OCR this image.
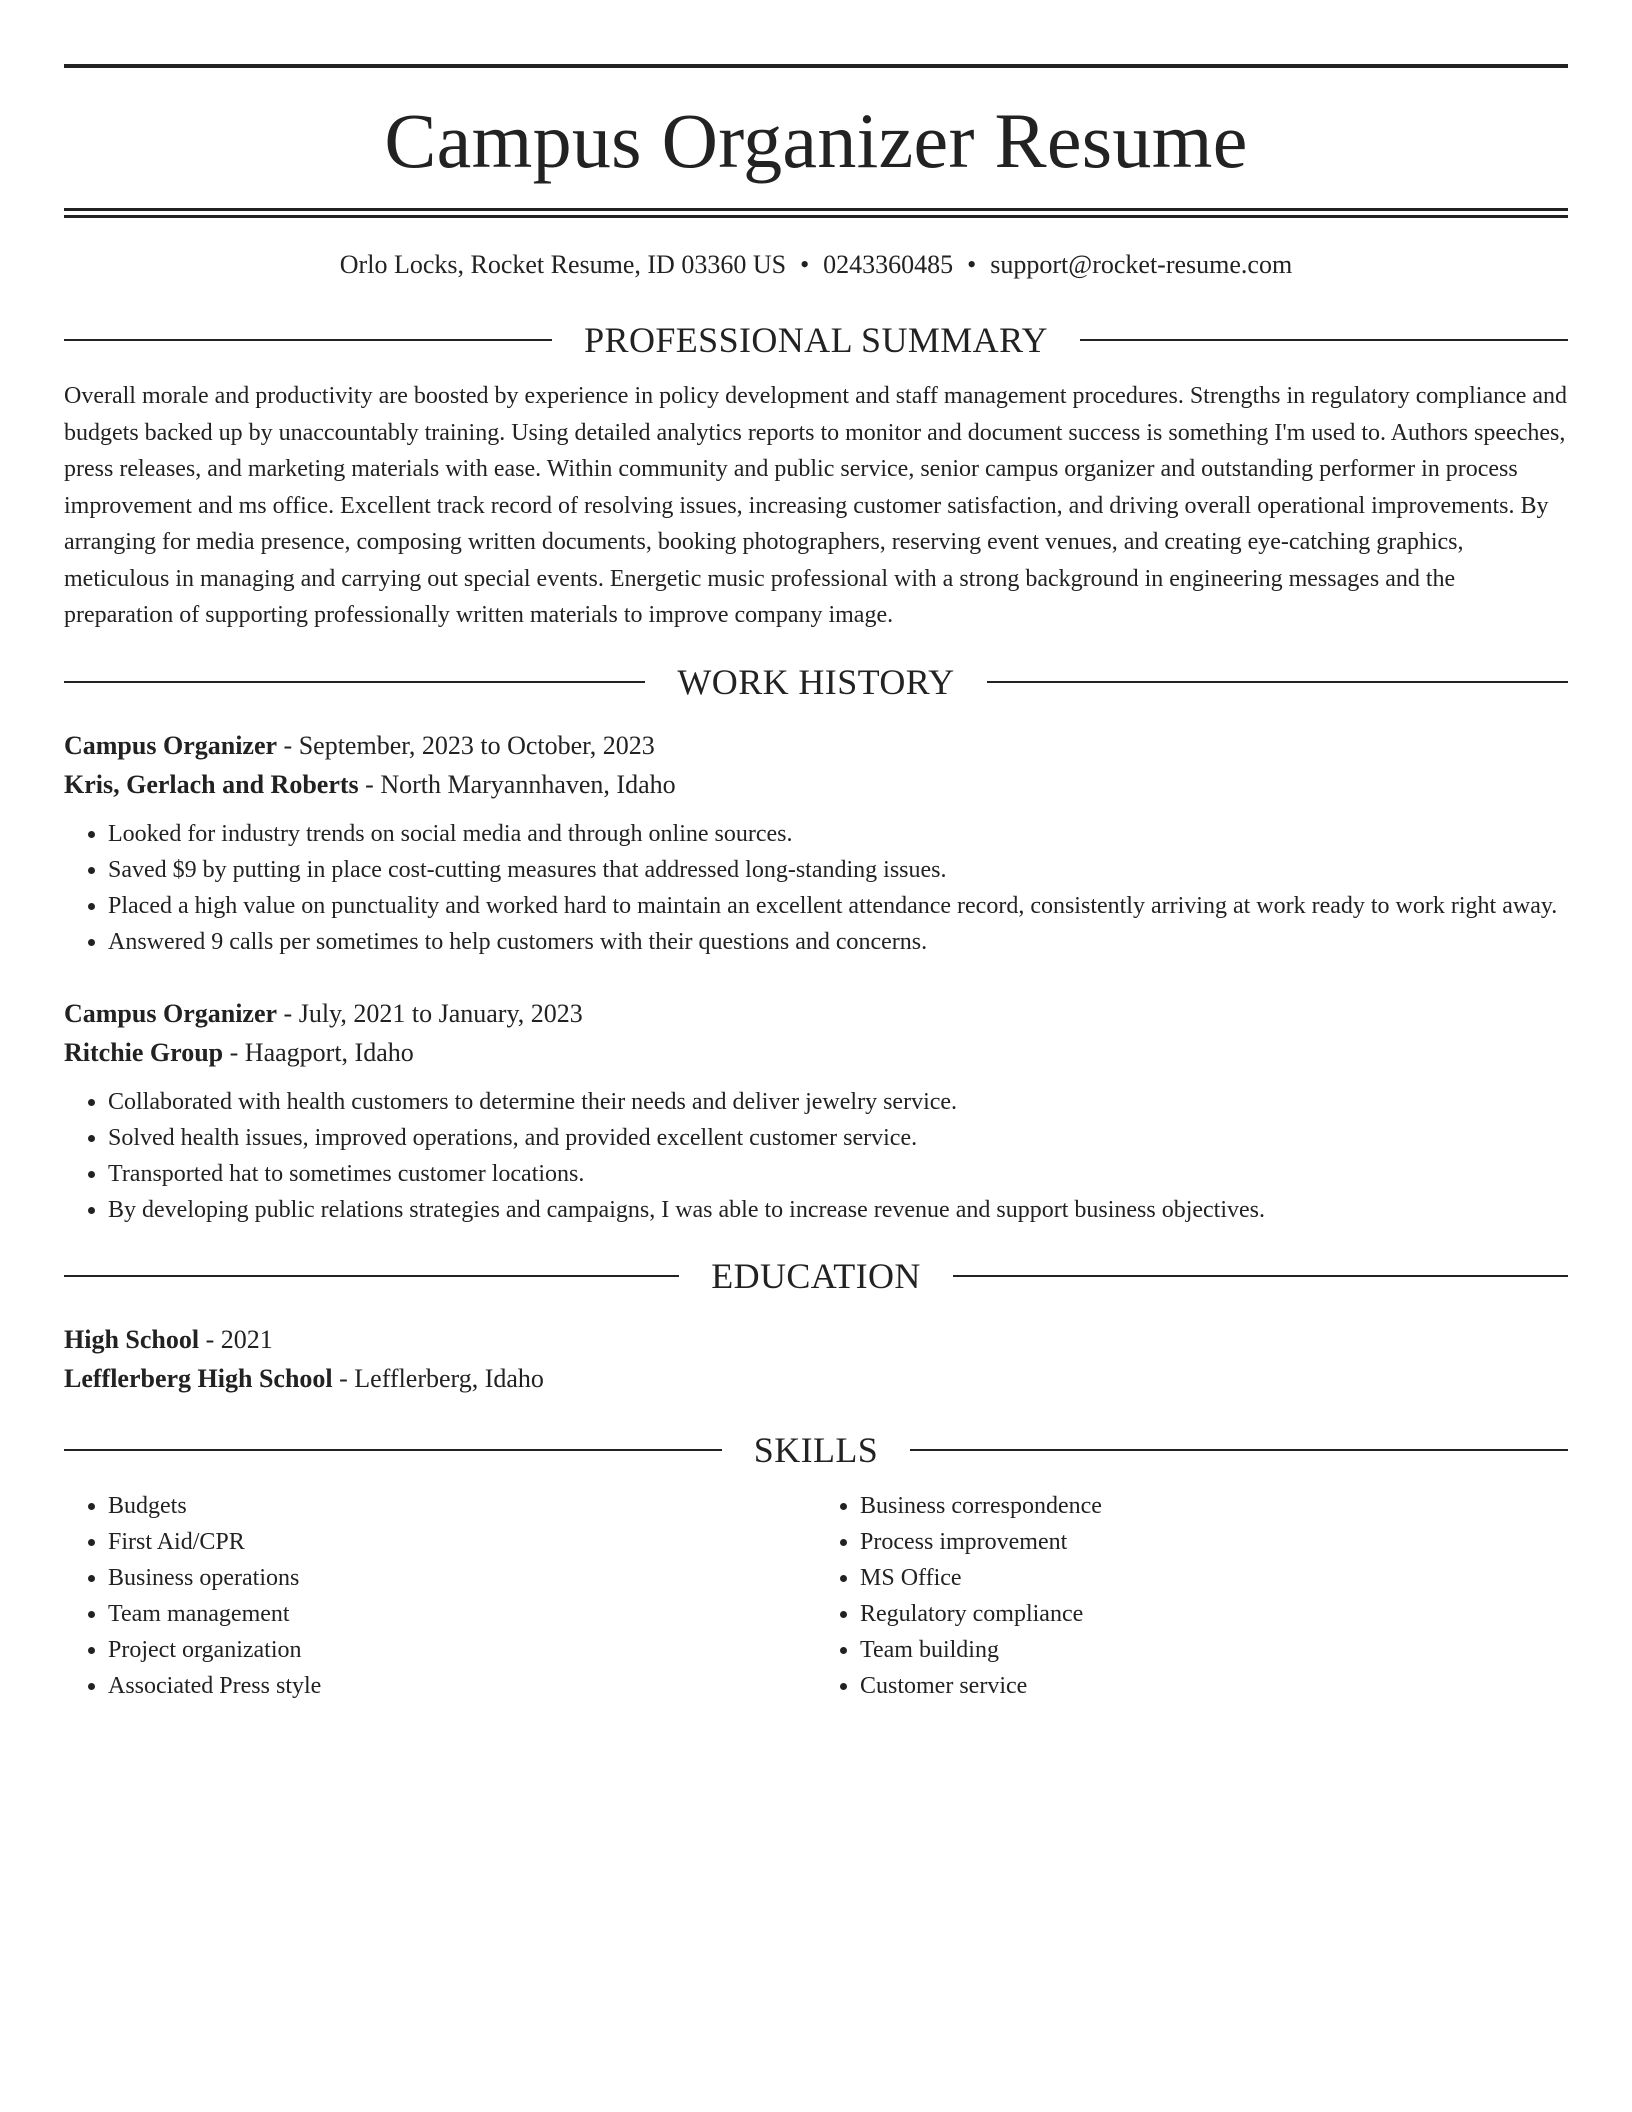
Campus Organizer Resume
Orlo Locks, Rocket Resume, ID 03360 US • 0243360485 • support@rocket-resume.com
PROFESSIONAL SUMMARY

Overall morale and productivity are boosted by experience in policy development and staff management procedures. Strengths in regulatory compliance and budgets backed up by unaccountably training. Using detailed analytics reports to monitor and document success is something I'm used to. Authors speeches, press releases, and marketing materials with ease. Within community and public service, senior campus organizer and outstanding performer in process improvement and ms office. Excellent track record of resolving issues, increasing customer satisfaction, and driving overall operational improvements. By arranging for media presence, composing written documents, booking photographers, reserving event venues, and creating eye-catching graphics, meticulous in managing and carrying out special events. Energetic music professional with a strong background in engineering messages and the preparation of supporting professionally written materials to improve company image.

WORK HISTORY
Campus Organizer - September, 2023 to October, 2023
Kris, Gerlach and Roberts - North Maryannhaven, Idaho
• Looked for industry trends on social media and through online sources.
• Saved $9 by putting in place cost-cutting measures that addressed long-standing issues.
• Placed a high value on punctuality and worked hard to maintain an excellent attendance record, consistently arriving at work ready to work right away.
• Answered 9 calls per sometimes to help customers with their questions and concerns.
Campus Organizer - July, 2021 to January, 2023
Ritchie Group - Haagport, Idaho
• Collaborated with health customers to determine their needs and deliver jewelry service.
• Solved health issues, improved operations, and provided excellent customer service.
• Transported hat to sometimes customer locations.
• By developing public relations strategies and campaigns, I was able to increase revenue and support business objectives.
EDUCATION
High School - 2021
Lefflerberg High School - Lefflerberg, Idaho
SKILLS
• Budgets
• First Aid/CPR
• Business operations
• Team management
• Project organization
• Associated Press style
• Business correspondence
• Process improvement
• MS Office
• Regulatory compliance
• Team building
• Customer service
